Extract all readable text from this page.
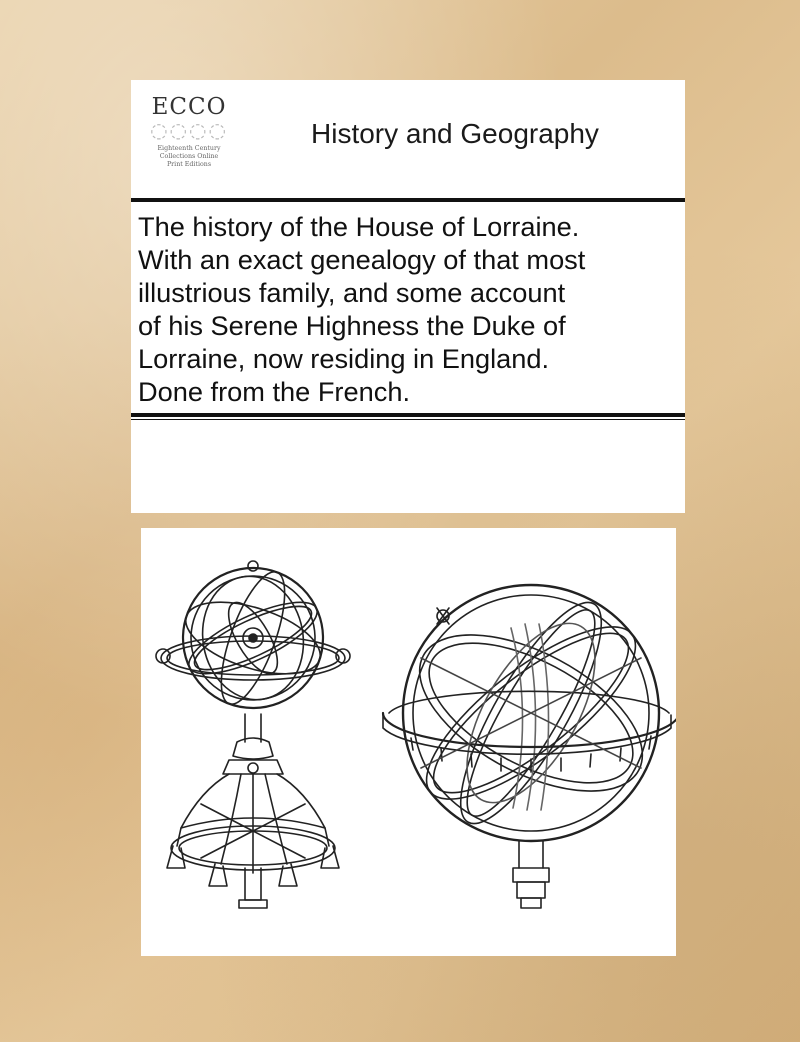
ECCO
◌◌◌◌
Eighteenth Century
Collections Online
Print Editions
History and Geography
The history of the House of Lorraine.
With an exact genealogy of that most
illustrious family, and some account
of his Serene Highness the Duke of
Lorraine, now residing in England.
Done from the French.
